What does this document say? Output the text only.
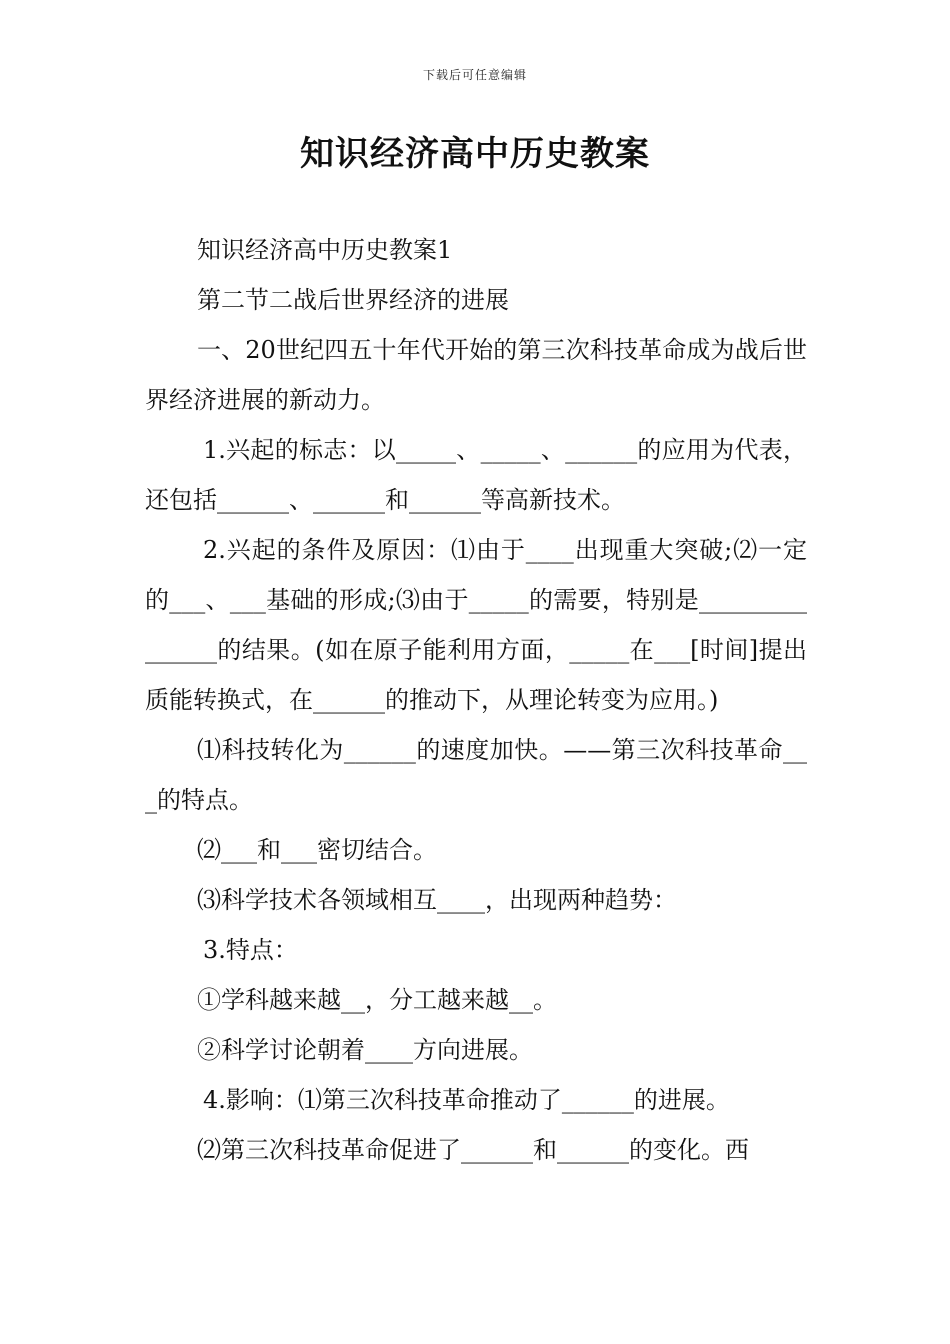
下载后可任意编辑
知识经济高中历史教案

知识经济高中历史教案1

第二节二战后世界经济的进展

一、20世纪四五十年代开始的第三次科技革命成为战后世界经济进展的新动力。

1.兴起的标志：以_____、_____、______的应用为代表，还包括______、______和______等高新技术。

2.兴起的条件及原因：⑴由于____出现重大突破;⑵一定的___、___基础的形成;⑶由于_____的需要，特别是_______________的结果。(如在原子能利用方面，_____在___[时间]提出质能转换式，在______的推动下，从理论转变为应用。)

⑴科技转化为______的速度加快。——第三次科技革命___的特点。

⑵___和___密切结合。

⑶科学技术各领域相互____，出现两种趋势：

3.特点：

①学科越来越__，分工越来越__。

②科学讨论朝着____方向进展。

4.影响：⑴第三次科技革命推动了______的进展。

⑵第三次科技革命促进了______和______的变化。西
